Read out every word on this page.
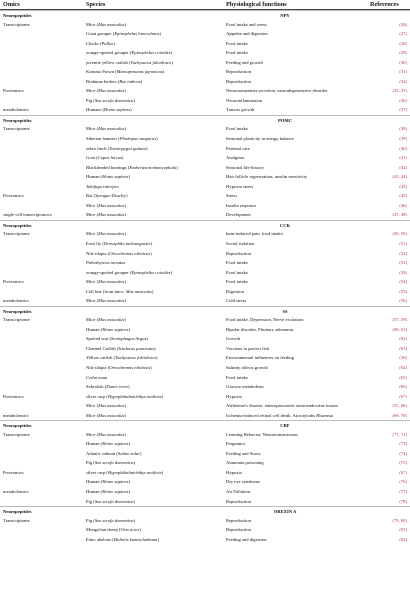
Omics	Species	Physiological functions	References
Neuropeptides	NPY
Transcriptome	Mice (Mus musculus)	Food intake and stress	(26)
Giant grouper (Epinephelus lanceolatus)	Appetite and digestion	(27)
Chicks (Pullus)	Food intake	(28)
orange-spotted grouper (Epinephelus coioides)	Food intake	(29)
juvenile yellow catfish (Tachysurus fulvidraco)	Feeding and growth	(30)
Kuruma Prawn (Marsupenaeus japonicus)	Reproduction	(31)
Brahman heifers (Bos indicus)	Reproduction	(32)
Proteomics	Mice (Mus musculus)	Neurotransmitter secretion, neurodegenerative disorder	(33–35)
Pig (Sus scrofa domestica)	Neuroinflammation	(36)
metabolomics	Humans (Homo sapiens)	Tumors growth	(37)
Neuropeptides	POMC
Transcriptome	Mice (Mus musculus)	Food intake	(38)
Siberian hamster (Phodopus sungorus)	Seasonal plasticity in energy balance	(39)
zebra finch (Taeniopygia guttata)	Parental care	(40)
Goat (Capra hircus)	Analgesia	(41)
Blackheaded buntings (Emberiza melanocephala)	Seasonal life-history	(42)
Human (Homo sapiens)	Hair follicle regeneration, insulin sensitivity	(43, 44)
Takifugu rubripes	Hypoxia stress	(45)
Proteomics	Rat (Sprague-Dawley)	Stress	(45)
Mice (Mus musculus)	Insulin response	(46)
single-cell transcriptomics	Mice (Mus musculus)	Development	(47, 48)
Neuropeptides	CCK
Transcriptome	Mice (Mus musculus)	burn-induced pain, food intake,	(49, 50)
Fruit fly (Drosophila melanogaster)	Social isolation	(51)
Nile tilapia (Oreochromis niloticus)	Reproduction	(52)
Paltothyreus tarsatus	Food intake	(53)
orange-spotted grouper (Epinephelus coioides)	Food intake	(29)
Proteomics	Mice (Mus musculus)	Food intake	(54)
Cell line (from mice, Mus musculus)	Digestion	(55)
metabolomics	Mice (Mus musculus)	Cold stress	(56)
Neuropeptides	SS
Transcriptome	Mice (Mus musculus)	Food intake, Depression, Nerve excitation	(57–59)
Human (Homo sapiens)	Bipolar disorder, Pituitary adenomas	(60, 61)
Spotted scat (Scatophagus Argus)	Growth	(62)
Channel Catfish (Ictalurus punctatus)	Vaccines to protect fish	(63)
Yellow catfish (Tachysurus fulvidraco)	Environmental influences on feeding	(30)
Nile tilapia (Oreochromis niloticus)	Salinity affects growth	(64)
Ceiba nana	Food intake	(65)
Zebrafish (Danio rerio)	Glucose metabolism	(66)
Proteomics	silver carp (Hypophthalmichthys molitrix)	Hypoxia	(67)
Mice (Mus musculus)	Alzheimer's disease, enteropancreatic neuroendocrine tissues	(55, 68)
metabolomics	Mice (Mus musculus)	Ischemia-induced retinal cell death, Atractylodis Rhizoma	(69, 70)
Neuropeptides	CRF
Transcriptome	Mice (Mus musculus)	Learning Behavior, Neurotransmission,	(71, 72)
Human (Homo sapiens)	Pregnancy	(73)
Atlantic salmon (Salmo salar)	Feeding and Stress	(74)
Pig (Sus scrofa domestica)	Ammonia poisoning	(75)
Proteomics	silver carp (Hypophthalmichthys molitrix)	Hypoxia	(67)
Human (Homo sapiens)	Dry eye syndrome	(76)
metabolomics	Human (Homo sapiens)	Air Pollution	(77)
Pig (Sus scrofa domestica)	Reproduction	(78)
Neuropeptides	OREXIN A
Transcriptome	Pig (Sus scrofa domestica)	Reproduction	(79, 80)
Mongolian sheep (Ovis aries)	Reproduction	(81)
Pinto abalone (Haliotis kamtschatkana)	Feeding and digestion	(82)
